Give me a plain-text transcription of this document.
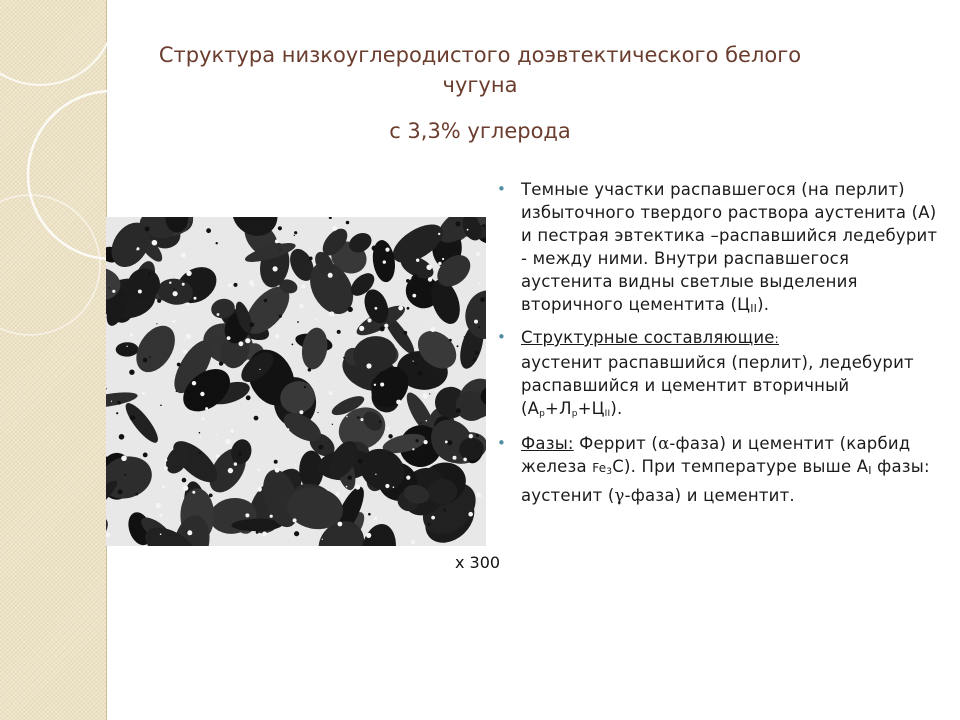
Структура низкоуглеродистого доэвтектического белого
чугуна
с 3,3% углерода
х 300
• Темные участки распавшегося (на перлит) избыточного твердого раствора аустенита (А) и пестрая эвтектика –распавшийся ледебурит - между ними. Внутри распавшегося аустенита видны светлые выделения вторичного цементита (ЦII).
• Структурные составляющие:
аустенит распавшийся (перлит), ледебурит распавшийся и цементит вторичный $(А_р+Л_р+Ц_{II})$.
• Фазы: Феррит (α-фаза) и цементит (карбид железа $Fe_3C$). При температуре выше АI фазы: аустенит (γ-фаза) и цементит.
